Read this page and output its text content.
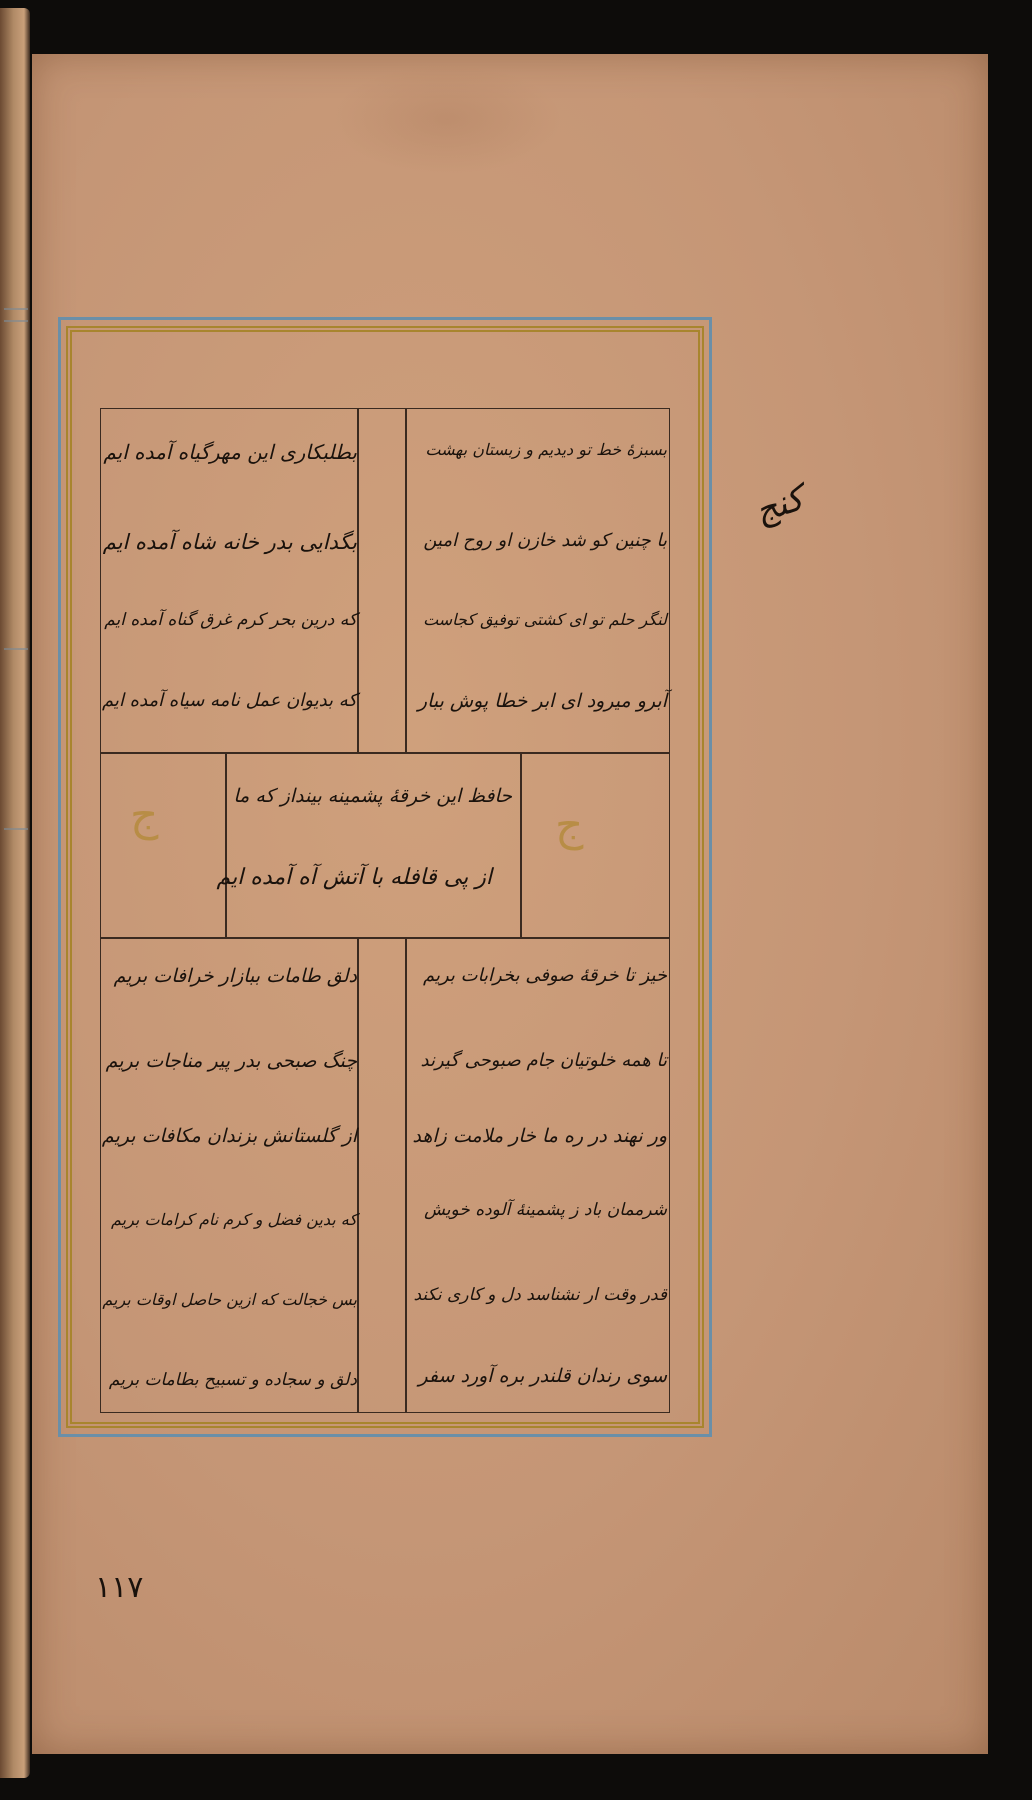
ج	ج
بسبزهٔ خط تو دیدیم و زبستان بهشت
با چنین کو شد خازن او روح امین
لنگر حلم تو ای کشتی توفیق کجاست
آبرو میرود ای ابر خطا پوش ببار
بطلبکاری این مهرگیاه آمده ایم
بگدایی بدر خانه شاه آمده ایم
که درین بحر کرم غرق گناه آمده ایم
که بدیوان عمل نامه سیاه آمده ایم
حافظ این خرقهٔ پشمینه بینداز که ما
از پی قافله با آتش آه آمده ایم
خیز تا خرقهٔ صوفی بخرابات بریم
تا همه خلوتیان جام صبوحی گیرند
ور نهند در ره ما خار ملامت زاهد
شرممان باد ز پشمینهٔ آلوده خویش
قدر وقت ار نشناسد دل و کاری نکند
سوی رندان قلندر بره آورد سفر
دلق طامات ببازار خرافات بریم
چنگ صبحی بدر پیر مناجات بریم
از گلستانش بزندان مکافات بریم
که بدین فضل و کرم نام کرامات بریم
بس خجالت که ازین حاصل اوقات بریم
دلق و سجاده و تسبیح بطامات بریم
کنج
۱۱۷
